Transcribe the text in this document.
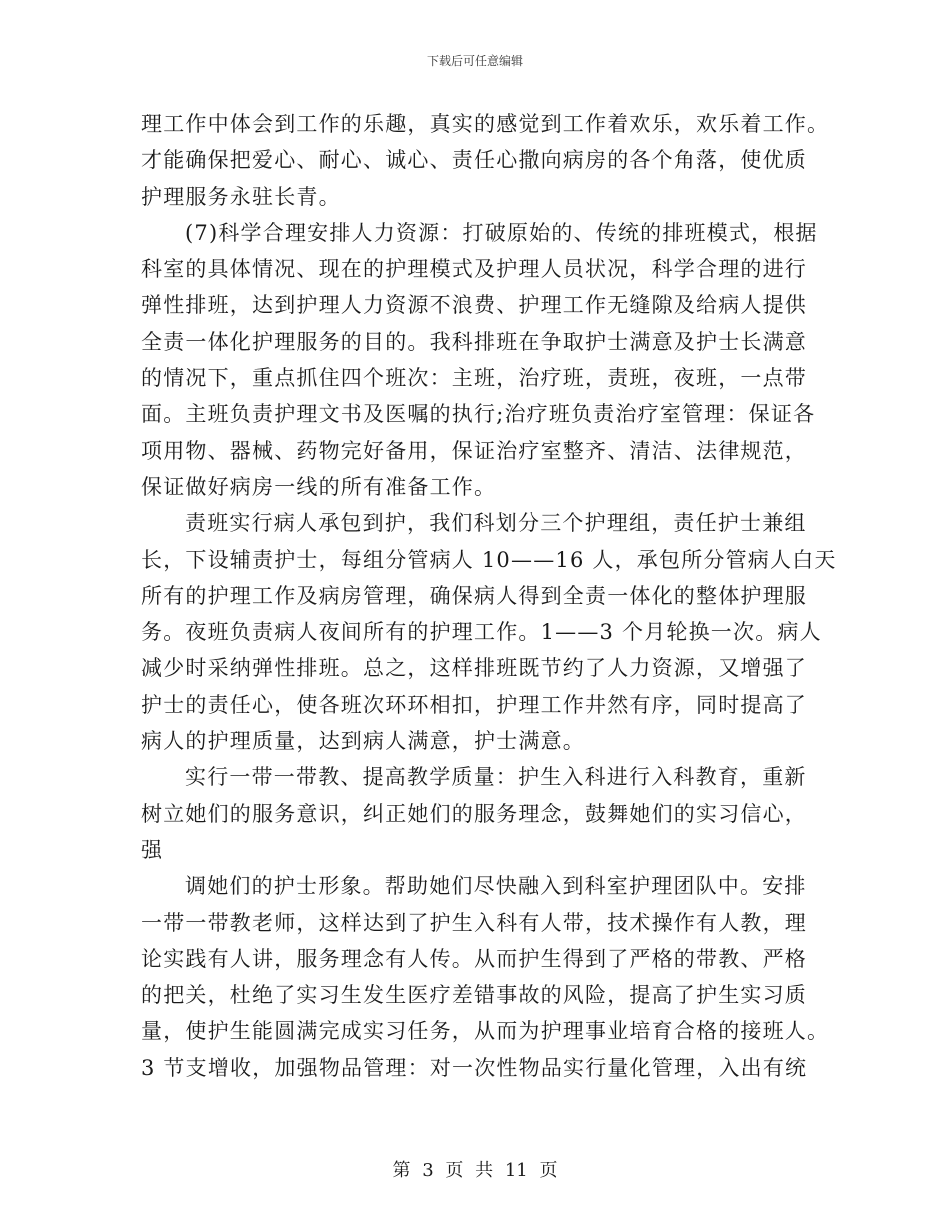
下载后可任意编辑
理工作中体会到工作的乐趣，真实的感觉到工作着欢乐，欢乐着工作。
才能确保把爱心、耐心、诚心、责任心撒向病房的各个角落，使优质
护理服务永驻长青。
(7)科学合理安排人力资源：打破原始的、传统的排班模式，根据
科室的具体情况、现在的护理模式及护理人员状况，科学合理的进行
弹性排班，达到护理人力资源不浪费、护理工作无缝隙及给病人提供
全责一体化护理服务的目的。我科排班在争取护士满意及护士长满意
的情况下，重点抓住四个班次：主班，治疗班，责班，夜班，一点带
面。主班负责护理文书及医嘱的执行;治疗班负责治疗室管理：保证各
项用物、器械、药物完好备用，保证治疗室整齐、清洁、法律规范，
保证做好病房一线的所有准备工作。
责班实行病人承包到护，我们科划分三个护理组，责任护士兼组
长，下设辅责护士，每组分管病人 10——16 人，承包所分管病人白天
所有的护理工作及病房管理，确保病人得到全责一体化的整体护理服
务。夜班负责病人夜间所有的护理工作。1——3 个月轮换一次。病人
减少时采纳弹性排班。总之，这样排班既节约了人力资源，又增强了
护士的责任心，使各班次环环相扣，护理工作井然有序，同时提高了
病人的护理质量，达到病人满意，护士满意。
实行一带一带教、提高教学质量：护生入科进行入科教育，重新
树立她们的服务意识，纠正她们的服务理念，鼓舞她们的实习信心，
强
调她们的护士形象。帮助她们尽快融入到科室护理团队中。安排
一带一带教老师，这样达到了护生入科有人带，技术操作有人教，理
论实践有人讲，服务理念有人传。从而护生得到了严格的带教、严格
的把关，杜绝了实习生发生医疗差错事故的风险，提高了护生实习质
量，使护生能圆满完成实习任务，从而为护理事业培育合格的接班人。
3 节支增收，加强物品管理：对一次性物品实行量化管理，入出有统
第 3 页 共 11 页
